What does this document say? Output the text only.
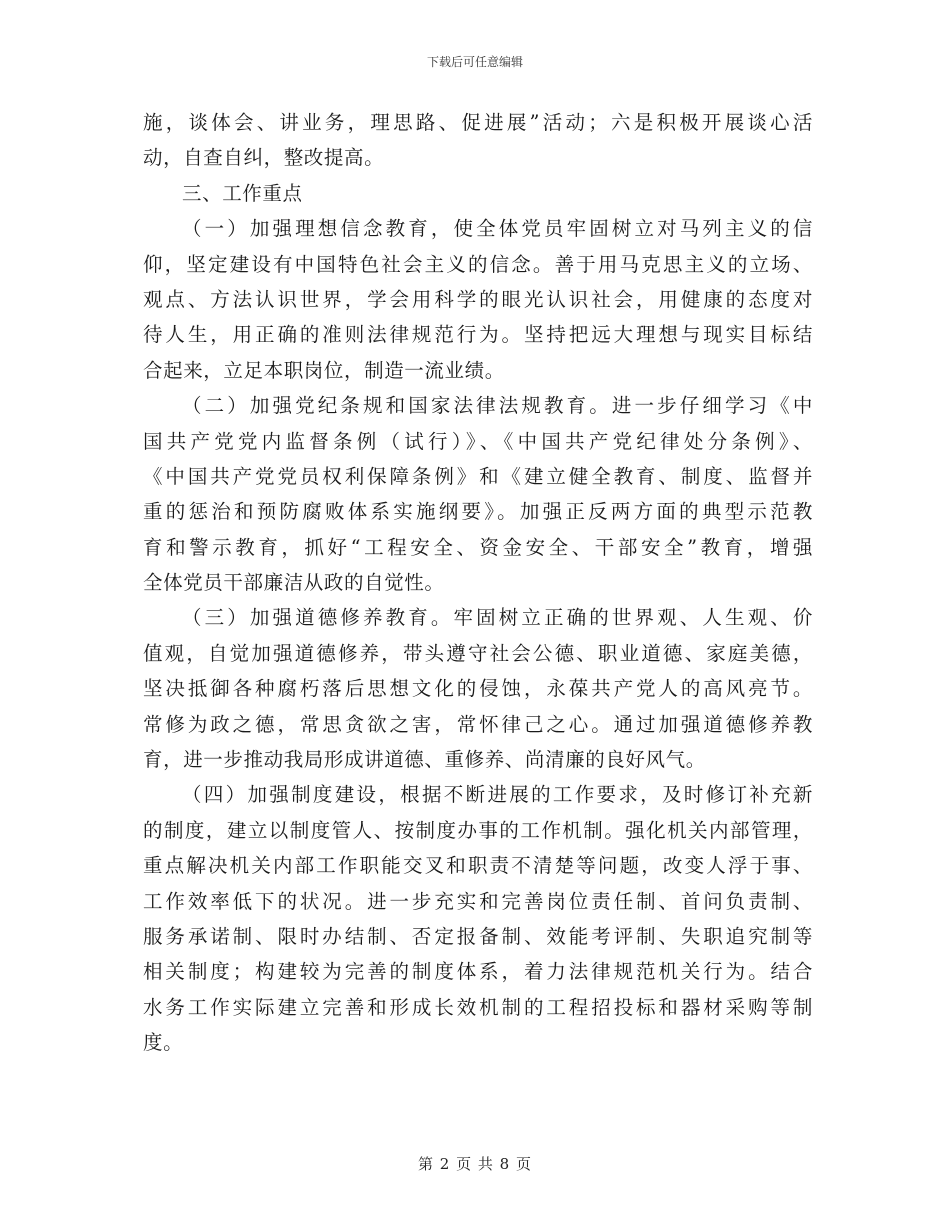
下载后可任意编辑
施，谈体会、讲业务，理思路、促进展”活动；六是积极开展谈心活
动，自查自纠，整改提高。
三、工作重点
（一）加强理想信念教育，使全体党员牢固树立对马列主义的信
仰，坚定建设有中国特色社会主义的信念。善于用马克思主义的立场、
观点、方法认识世界，学会用科学的眼光认识社会，用健康的态度对
待人生，用正确的准则法律规范行为。坚持把远大理想与现实目标结
合起来，立足本职岗位，制造一流业绩。
（二）加强党纪条规和国家法律法规教育。进一步仔细学习《中
国共产党党内监督条例（试行）》、《中国共产党纪律处分条例》、
《中国共产党党员权利保障条例》和《建立健全教育、制度、监督并
重的惩治和预防腐败体系实施纲要》。加强正反两方面的典型示范教
育和警示教育，抓好“工程安全、资金安全、干部安全”教育，增强
全体党员干部廉洁从政的自觉性。
（三）加强道德修养教育。牢固树立正确的世界观、人生观、价
值观，自觉加强道德修养，带头遵守社会公德、职业道德、家庭美德，
坚决抵御各种腐朽落后思想文化的侵蚀，永葆共产党人的高风亮节。
常修为政之德，常思贪欲之害，常怀律己之心。通过加强道德修养教
育，进一步推动我局形成讲道德、重修养、尚清廉的良好风气。
（四）加强制度建设，根据不断进展的工作要求，及时修订补充新
的制度，建立以制度管人、按制度办事的工作机制。强化机关内部管理，
重点解决机关内部工作职能交叉和职责不清楚等问题，改变人浮于事、
工作效率低下的状况。进一步充实和完善岗位责任制、首问负责制、
服务承诺制、限时办结制、否定报备制、效能考评制、失职追究制等
相关制度；构建较为完善的制度体系，着力法律规范机关行为。结合
水务工作实际建立完善和形成长效机制的工程招投标和器材采购等制
度。
第 2 页 共 8 页
